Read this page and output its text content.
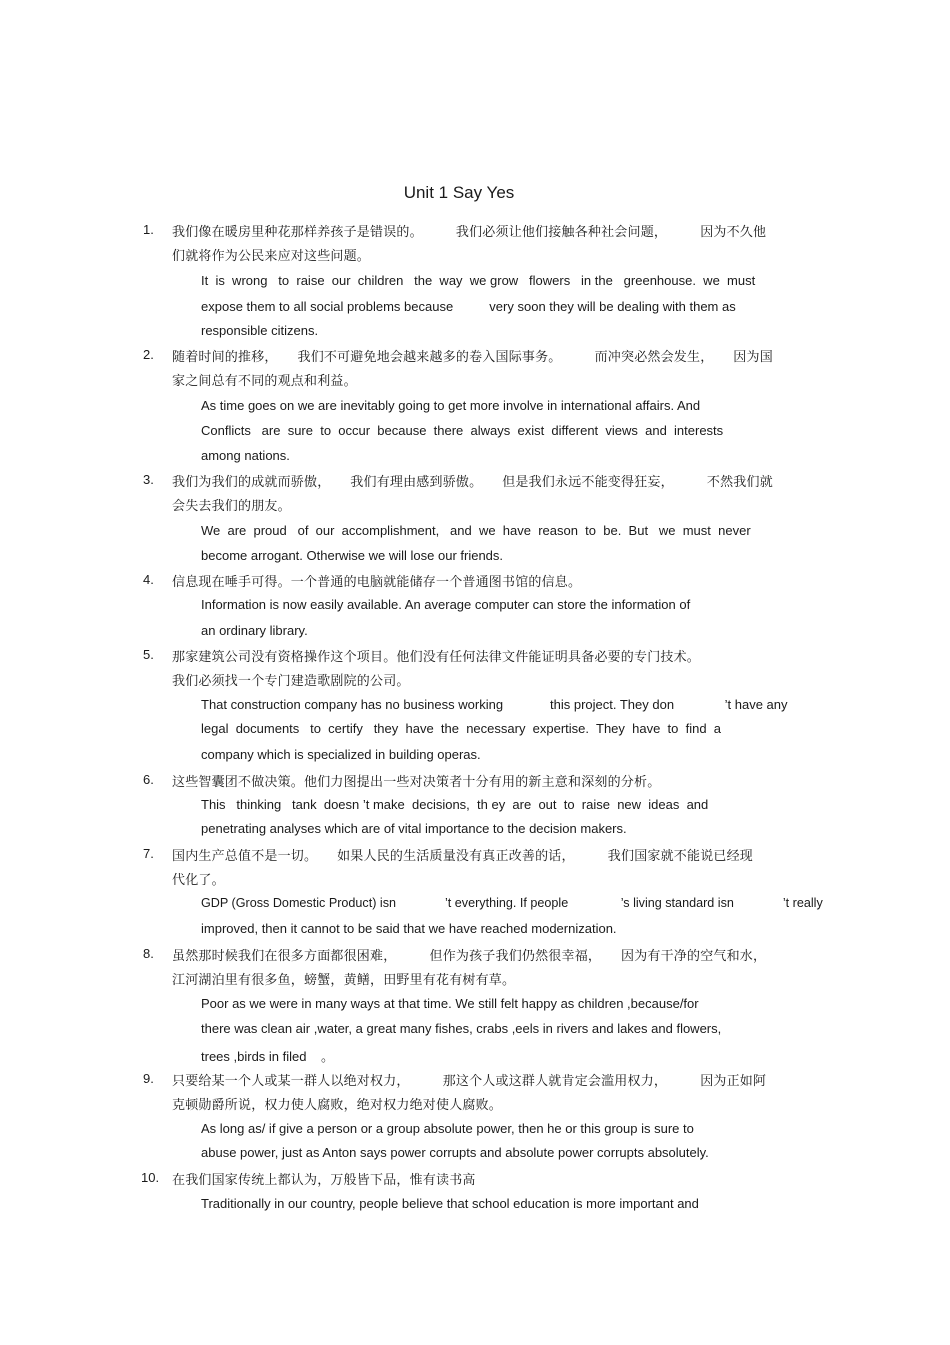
Unit 1 Say Yes
1. 我们像在暖房里种花那样养孩子是错误的。　　　我们必须让他们接触各种社会问题，　　　因为不久他
们就将作为公民来应对这些问题。
It  is  wrong   to  raise  our  children   the  way  we grow   flowers   in the   greenhouse.  we  must
expose them to all social problems because          very soon they will be dealing with them as
responsible citizens.
2. 随着时间的推移，　　我们不可避免地会越来越多的卷入国际事务。　　　而冲突必然会发生，　　因为国
家之间总有不同的观点和利益。
As time goes on we are inevitably going to get more involve in international affairs. And
Conflicts   are  sure  to  occur  because  there  always  exist  different  views  and  interests
among nations.
3. 我们为我们的成就而骄傲，　　我们有理由感到骄傲。　　但是我们永远不能变得狂妄，　　　不然我们就
会失去我们的朋友。
We  are  proud   of  our  accomplishment,   and  we  have  reason  to  be.  But   we  must  never
become arrogant. Otherwise we will lose our friends.
4. 信息现在唾手可得。一个普通的电脑就能储存一个普通图书馆的信息。
Information is now easily available. An average computer can store the information of
an ordinary library.
5. 那家建筑公司没有资格操作这个项目。他们没有任何法律文件能证明具备必要的专门技术。
我们必须找一个专门建造歌剧院的公司。
That construction company has no business working             this project. They don              ’t have any
legal  documents   to  certify   they  have  the  necessary  expertise.  They  have  to  find  a
company which is specialized in building operas.
6. 这些智囊团不做决策。他们力图提出一些对决策者十分有用的新主意和深刻的分析。
This   thinking   tank  doesn ’t make  decisions,  th ey  are  out  to  raise  new  ideas  and
penetrating analyses which are of vital importance to the decision makers.
7. 国内生产总值不是一切。　　如果人民的生活质量没有真正改善的话，　　　我们国家就不能说已经现
代化了。
GDP (Gross Domestic Product) isn              ’t everything. If people               ’s living standard isn              ’t really
improved, then it cannot to be said that we have reached modernization.
8. 虽然那时候我们在很多方面都很困难，　　　但作为孩子我们仍然很幸福，　　因为有干净的空气和水，
江河湖泊里有很多鱼，螃蟹，黄鳝，田野里有花有树有草。
Poor as we were in many ways at that time. We still felt happy as children ,because/for
there was clean air ,water, a great many fishes, crabs ,eels in rivers and lakes and flowers,
trees ,birds in filed    。
9. 只要给某一个人或某一群人以绝对权力，　　　那这个人或这群人就肯定会滥用权力，　　　因为正如阿
克顿勋爵所说，权力使人腐败，绝对权力绝对使人腐败。
As long as/ if give a person or a group absolute power, then he or this group is sure to
abuse power, just as Anton says power corrupts and absolute power corrupts absolutely.
10. 在我们国家传统上都认为，万般皆下品，惟有读书高
Traditionally in our country, people believe that school education is more important and
